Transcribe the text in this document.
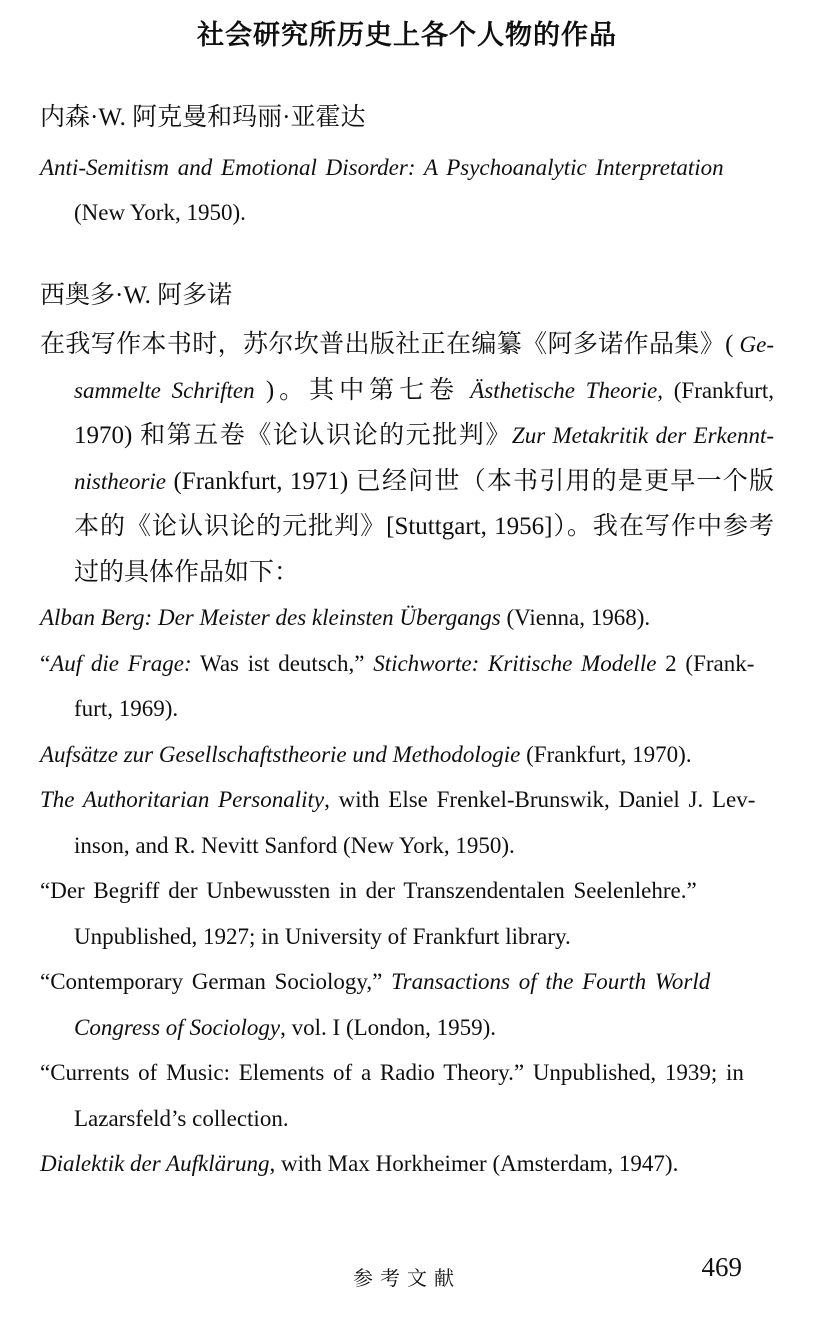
社会研究所历史上各个人物的作品
内森·W. 阿克曼和玛丽·亚霍达
Anti-Semitism and Emotional Disorder: A Psychoanalytic Interpretation
(New York, 1950).
西奥多·W. 阿多诺
在我写作本书时，苏尔坎普出版社正在编纂《阿多诺作品集》( Ge-
sammelte Schriften )。其中第七卷 Ästhetische Theorie, (Frankfurt,
1970) 和第五卷《论认识论的元批判》Zur Metakritik der Erkennt-
nistheorie (Frankfurt, 1971) 已经问世（本书引用的是更早一个版
本的《论认识论的元批判》[Stuttgart, 1956]）。我在写作中参考
过的具体作品如下：
Alban Berg: Der Meister des kleinsten Übergangs (Vienna, 1968).
“Auf die Frage: Was ist deutsch,” Stichworte: Kritische Modelle 2 (Frank-
furt, 1969).
Aufsätze zur Gesellschaftstheorie und Methodologie (Frankfurt, 1970).
The Authoritarian Personality, with Else Frenkel-Brunswik, Daniel J. Lev-
inson, and R. Nevitt Sanford (New York, 1950).
“Der Begriff der Unbewussten in der Transzendentalen Seelenlehre.”
Unpublished, 1927; in University of Frankfurt library.
“Contemporary German Sociology,” Transactions of the Fourth World
Congress of Sociology, vol. I (London, 1959).
“Currents of Music: Elements of a Radio Theory.” Unpublished, 1939; in
Lazarsfeld’s collection.
Dialektik der Aufklärung, with Max Horkheimer (Amsterdam, 1947).
参考文献	469
